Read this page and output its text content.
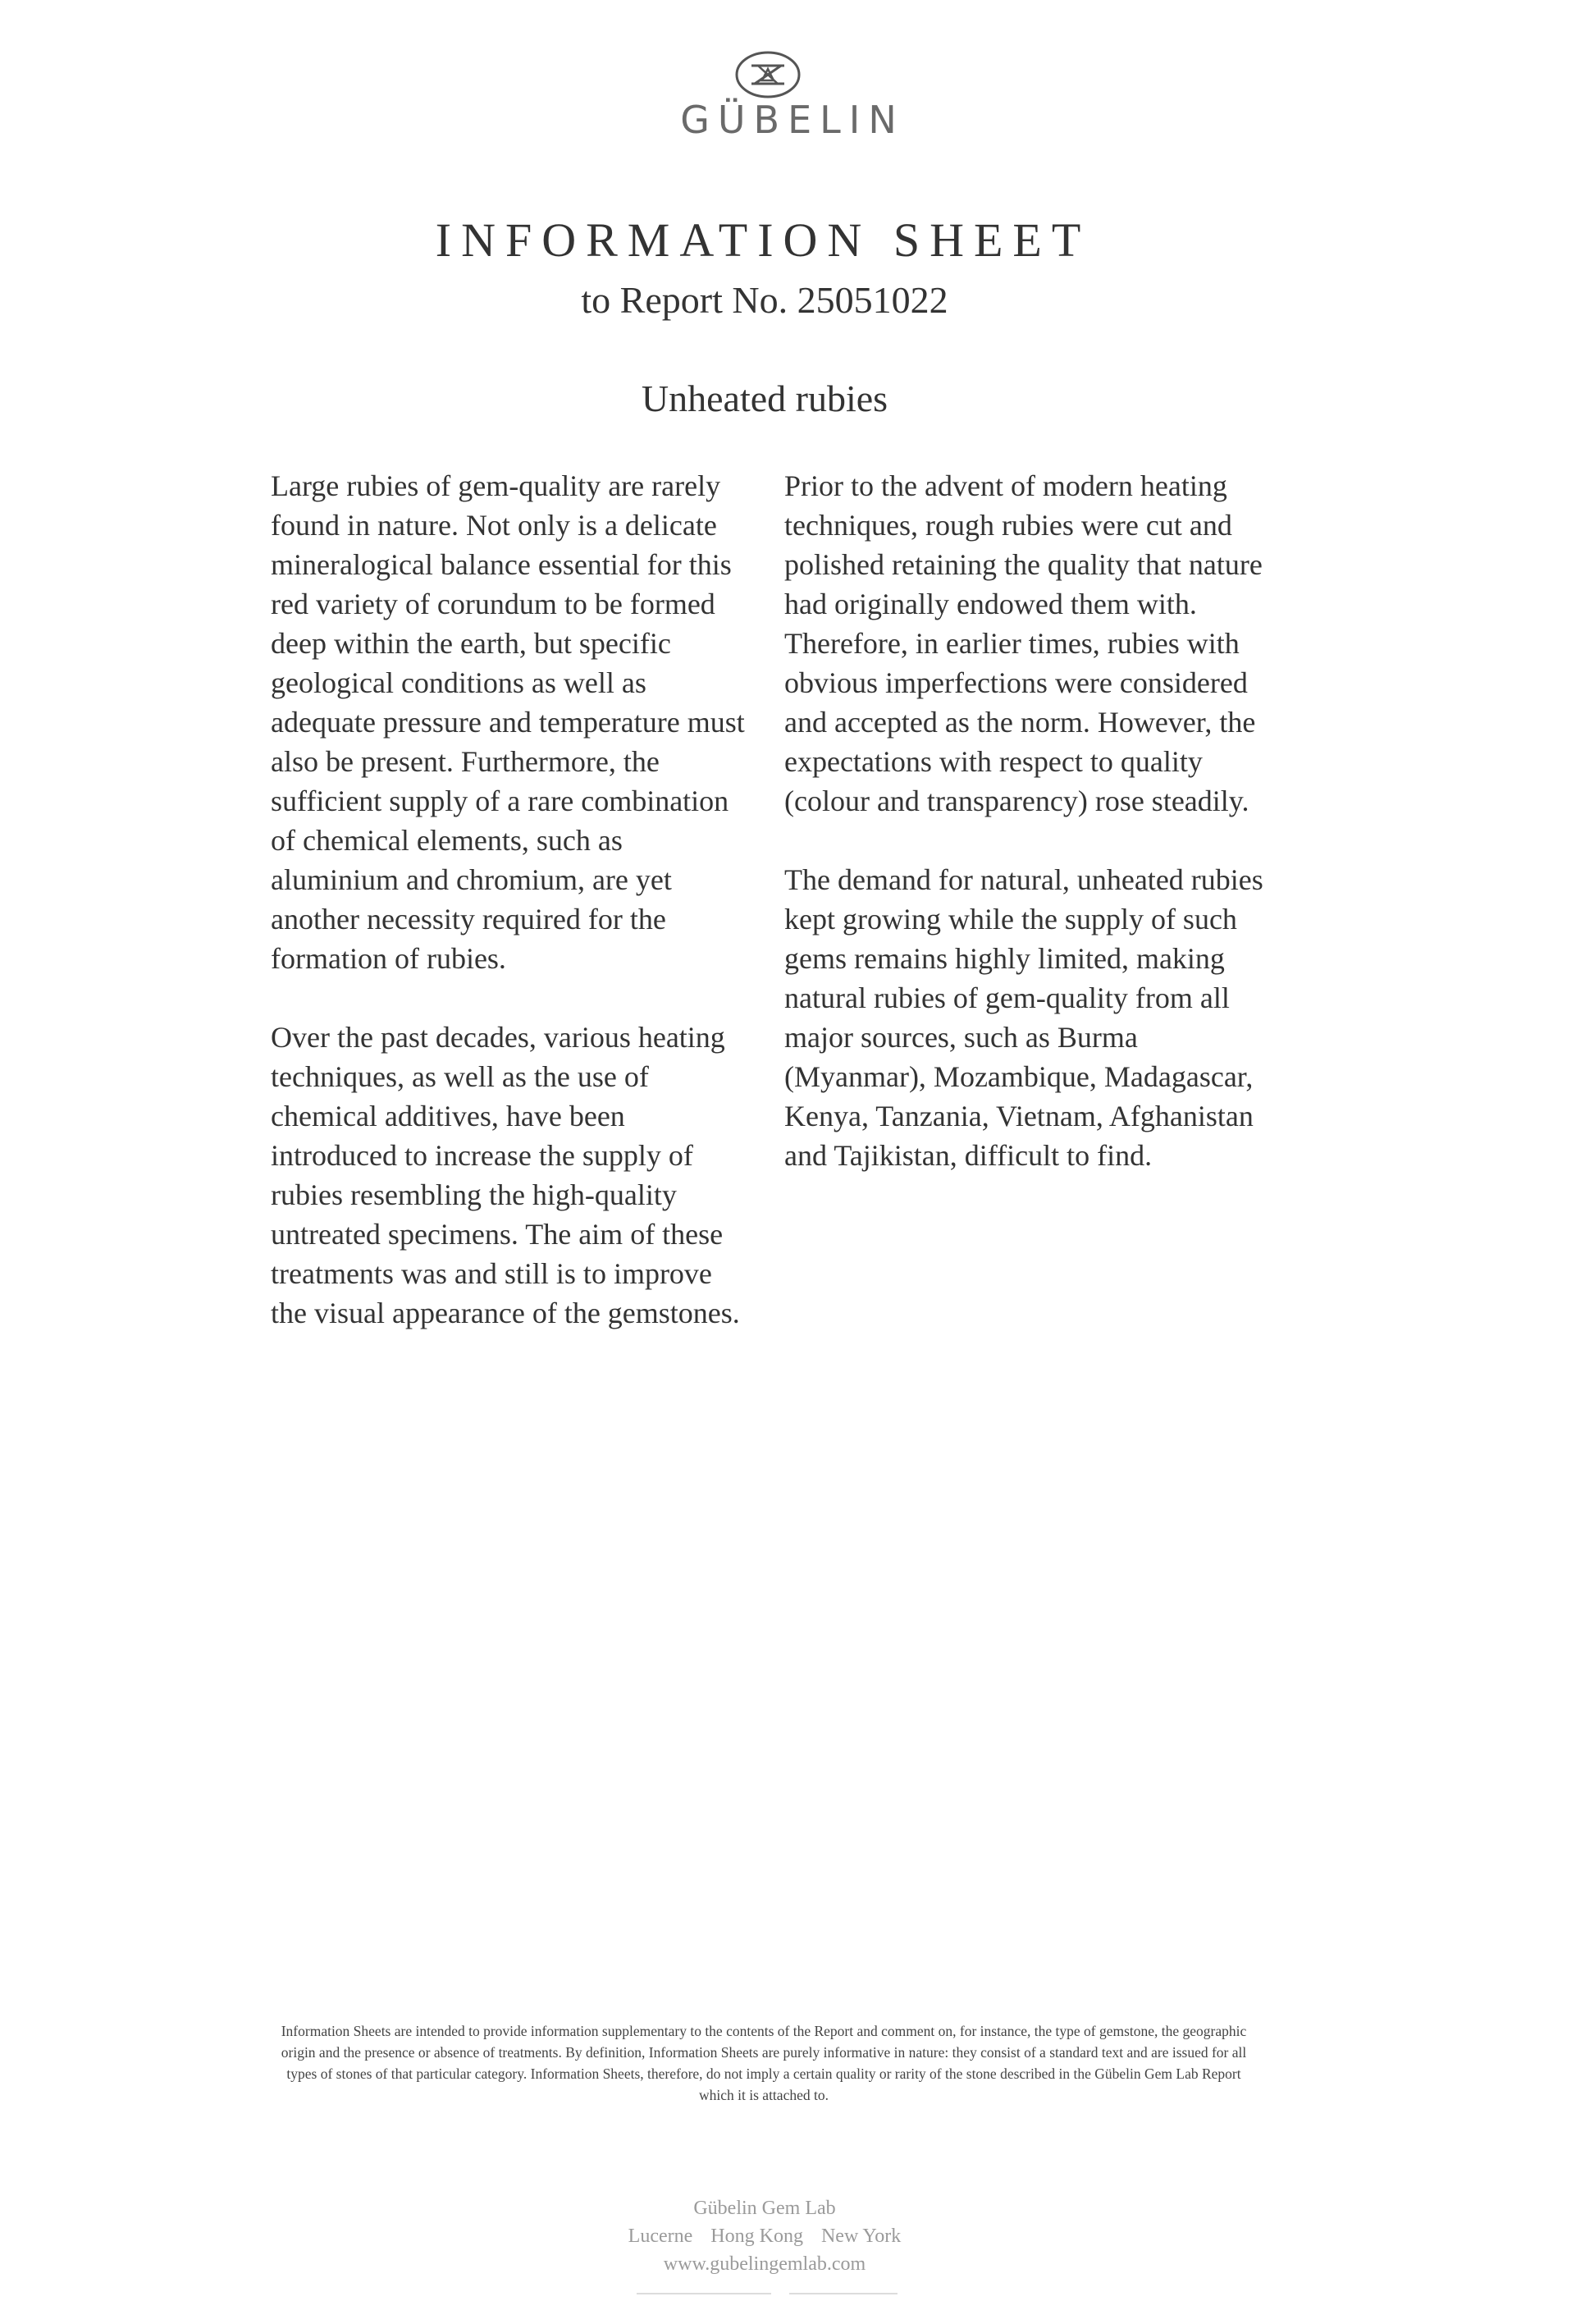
GÜBELIN
INFORMATION SHEET
to Report No. 25051022
Unheated rubies

Large rubies of gem-quality are rarely found in nature. Not only is a delicate mineralogical balance essential for this red variety of corundum to be formed deep within the earth, but specific geological conditions as well as adequate pressure and temperature must also be present. Furthermore, the sufficient supply of a rare combination of chemical elements, such as aluminium and chromium, are yet another necessity required for the formation of rubies.

Over the past decades, various heating techniques, as well as the use of chemical additives, have been introduced to increase the supply of rubies resembling the high-quality untreated specimens. The aim of these treatments was and still is to improve the visual appearance of the gemstones.

Prior to the advent of modern heating techniques, rough rubies were cut and polished retaining the quality that nature had originally endowed them with. Therefore, in earlier times, rubies with obvious imperfections were considered and accepted as the norm. However, the expectations with respect to quality (colour and transparency) rose steadily.

The demand for natural, unheated rubies kept growing while the supply of such gems remains highly limited, making natural rubies of gem-quality from all major sources, such as Burma (Myanmar), Mozambique, Madagascar, Kenya, Tanzania, Vietnam, Afghanistan and Tajikistan, difficult to find.

Information Sheets are intended to provide information supplementary to the contents of the Report and comment on, for instance, the type of gemstone, the geographic origin and the presence or absence of treatments. By definition, Information Sheets are purely informative in nature: they consist of a standard text and are issued for all types of stones of that particular category. Information Sheets, therefore, do not imply a certain quality or rarity of the stone described in the Gübelin Gem Lab Report which it is attached to.
Gübelin Gem Lab
Lucerne Hong Kong New York
www.gubelingemlab.com
